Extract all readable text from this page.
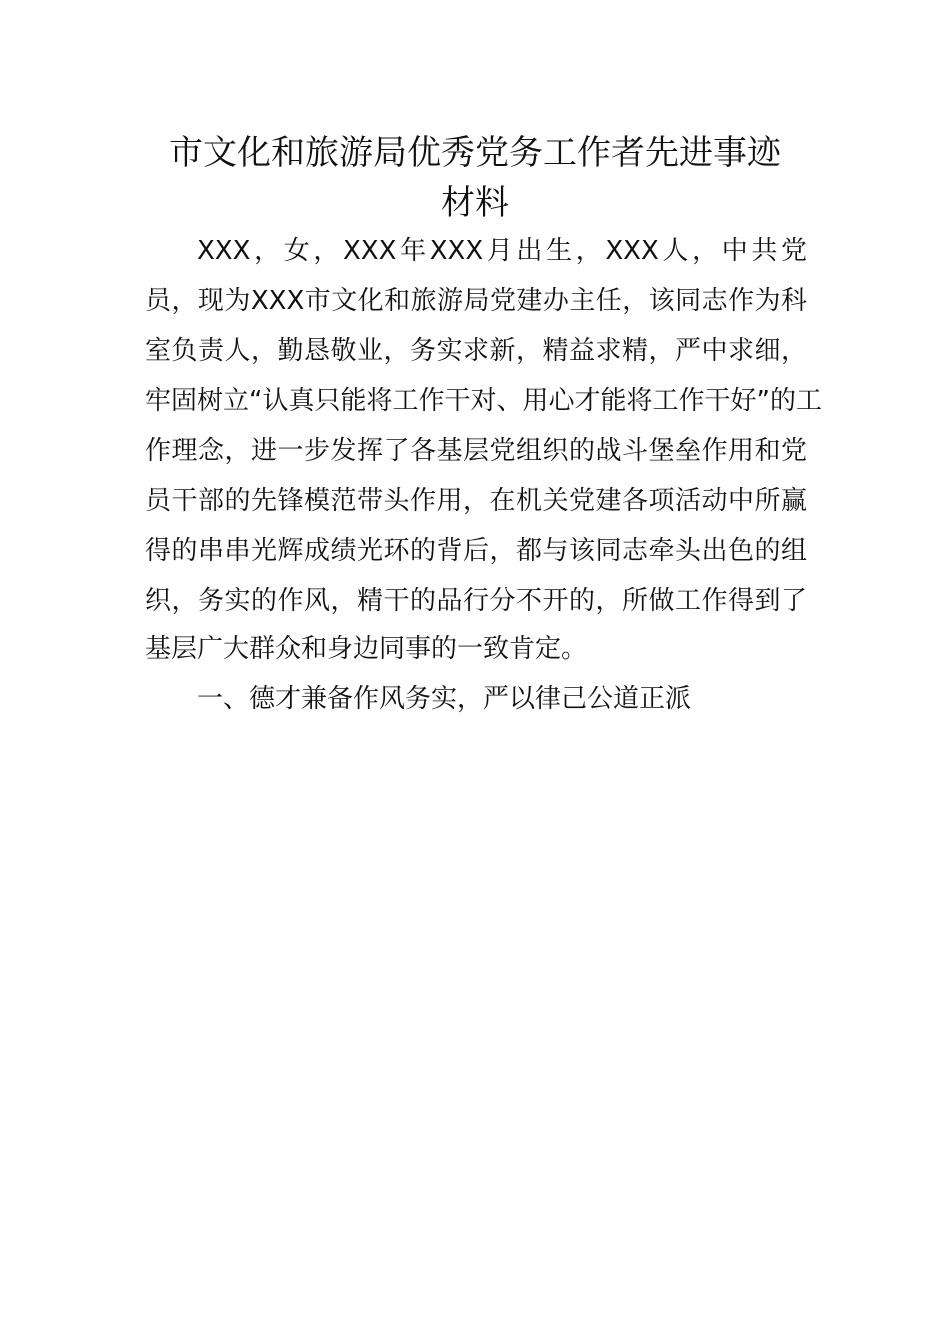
市文化和旅游局优秀党务工作者先进事迹
材料

XXX，女，XXX年XXX月出生，XXX人，中共党

员，现为XXX市文化和旅游局党建办主任，该同志作为科

室负责人，勤恳敬业，务实求新，精益求精，严中求细，

牢固树立“认真只能将工作干对、用心才能将工作干好”的工

作理念，进一步发挥了各基层党组织的战斗堡垒作用和党

员干部的先锋模范带头作用，在机关党建各项活动中所赢

得的串串光辉成绩光环的背后，都与该同志牵头出色的组

织，务实的作风，精干的品行分不开的，所做工作得到了

基层广大群众和身边同事的一致肯定。

一、德才兼备作风务实，严以律己公道正派
